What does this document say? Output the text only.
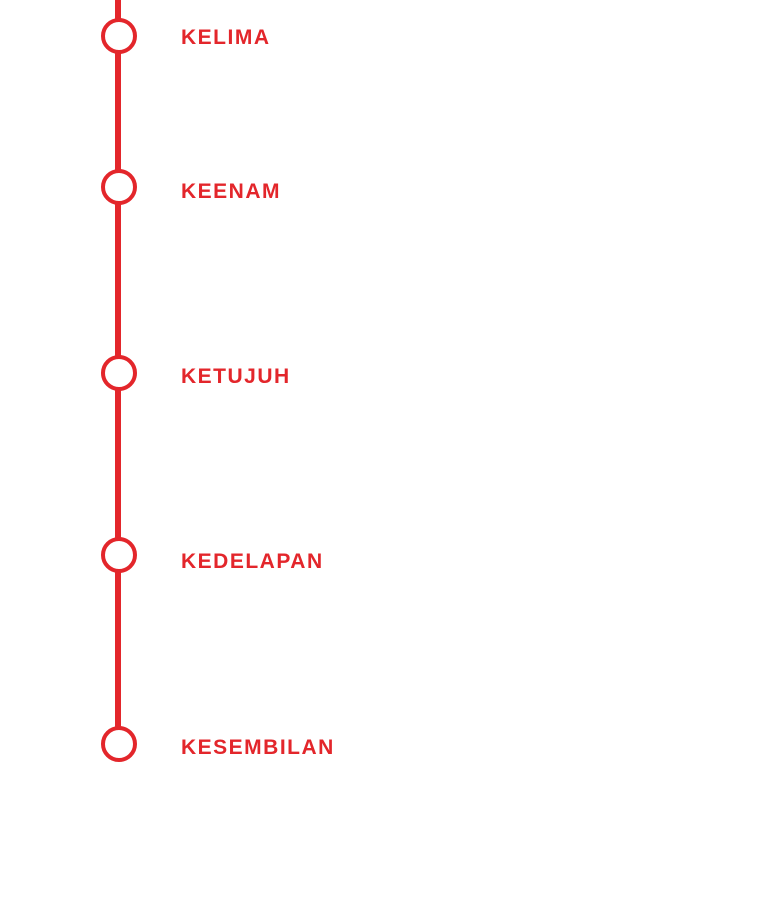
KELIMA
KEENAM
KETUJUH
KEDELAPAN
KESEMBILAN
